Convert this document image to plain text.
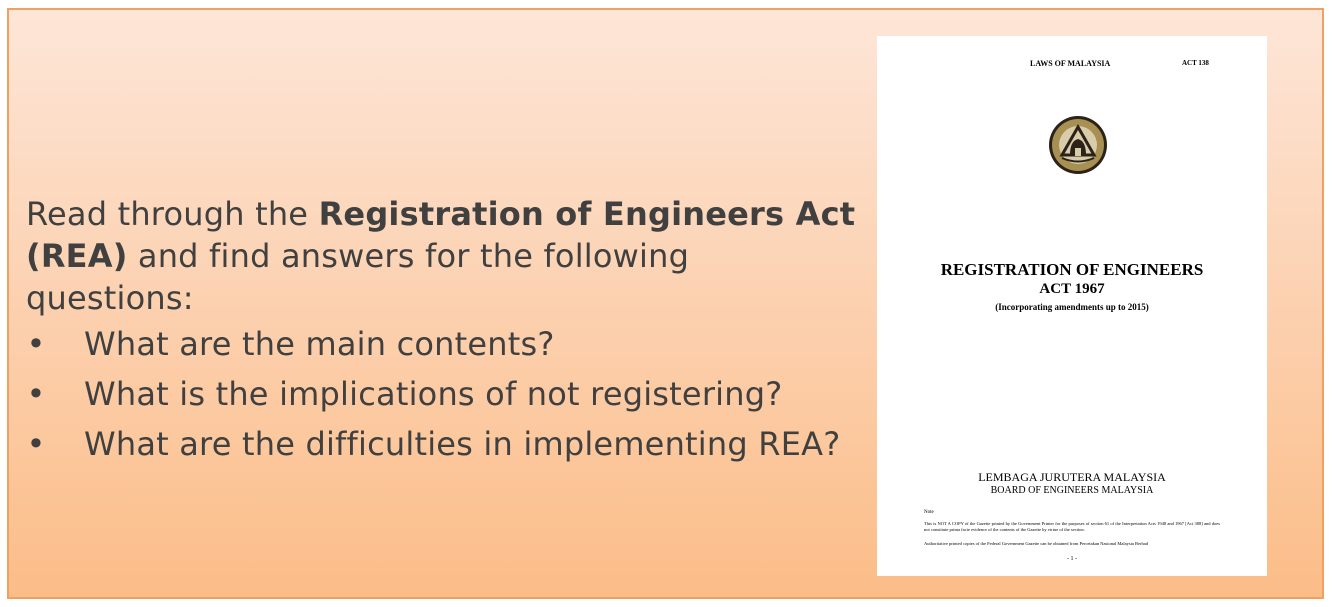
Read through the Registration of Engineers Act (REA) and find answers for the following questions:

• What are the main contents?
• What is the implications of not registering?
• What are the difficulties in implementing REA?
LAWS OF MALAYSIA	ACT 138
REGISTRATION OF ENGINEERS
ACT 1967
(Incorporating amendments up to 2015)
LEMBAGA JURUTERA MALAYSIA
BOARD OF ENGINEERS MALAYSIA
Note
This is NOT A COPY of the Gazette printed by the Government Printer for the purposes of section 61 of the Interpretation Acts 1948 and 1967 [Act 388] and does not constitute prima facie evidence of the contents of the Gazette by virtue of the section.
Authoritative printed copies of the Federal Government Gazette can be obtained from Percetakan Nasional Malaysia Berhad
- 1 -
